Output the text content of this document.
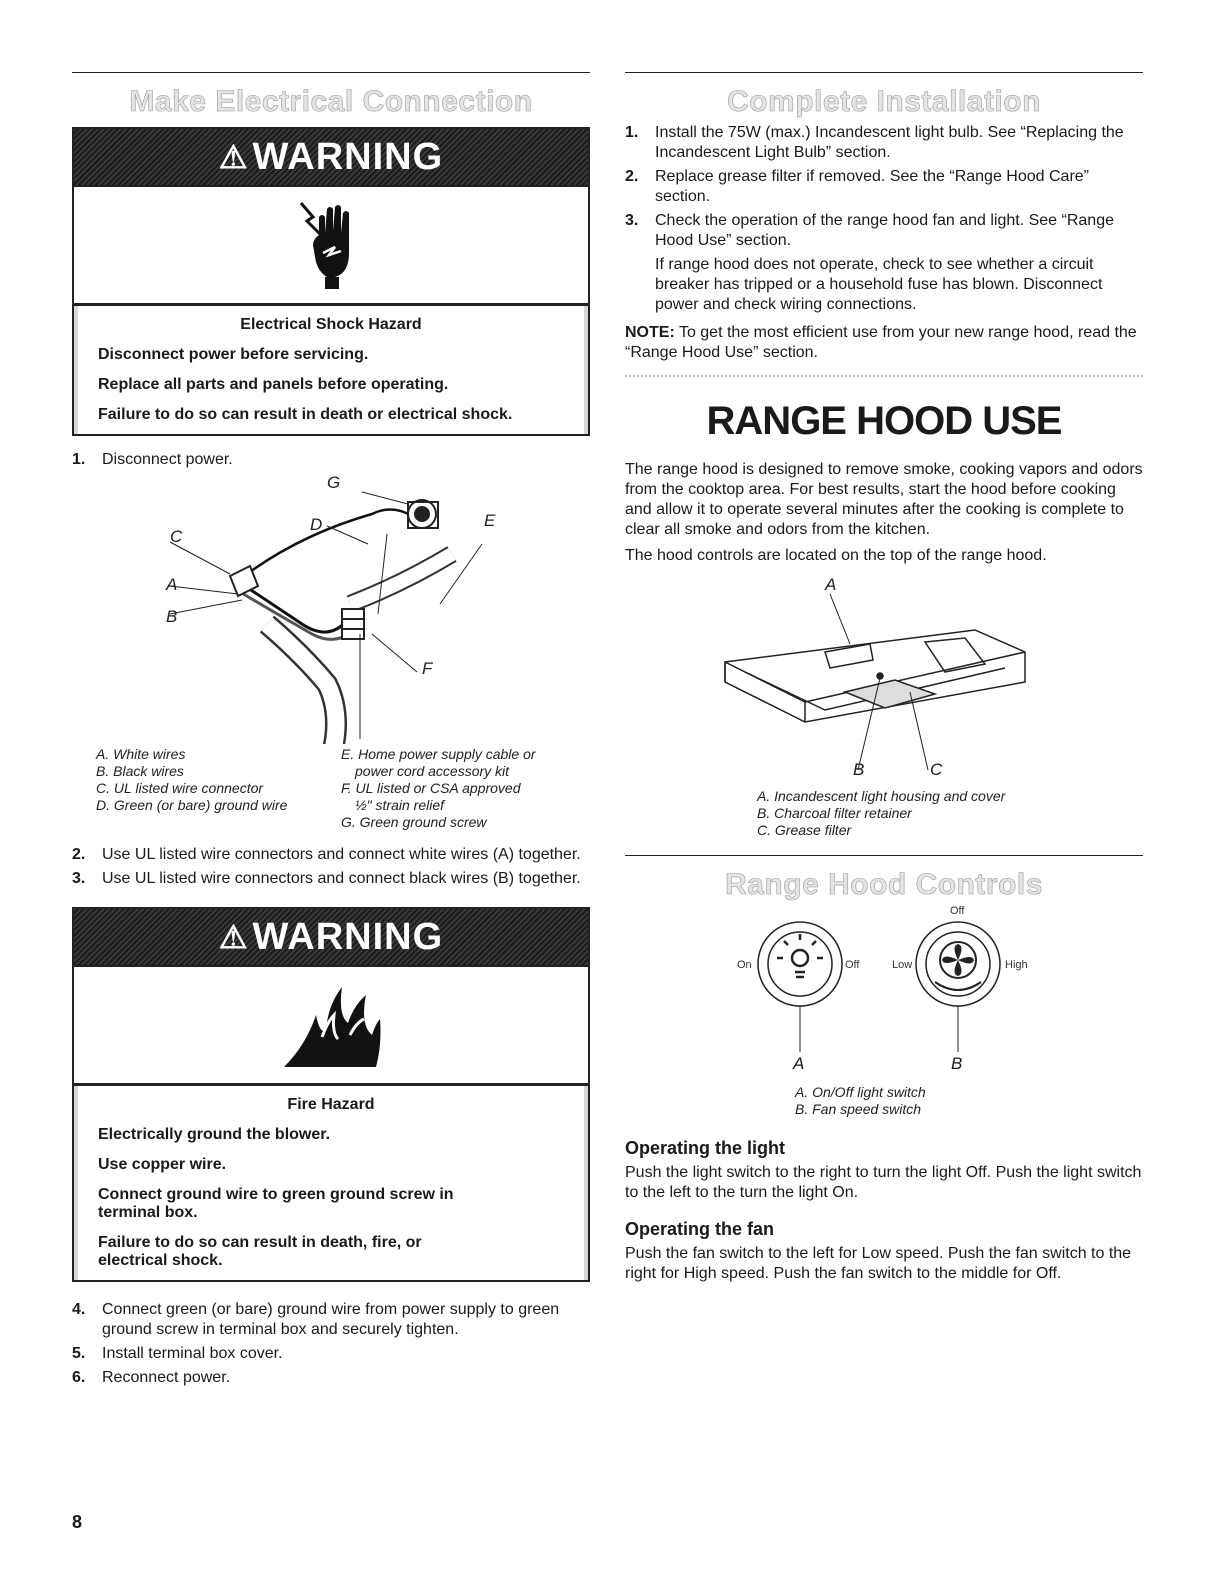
Make Electrical Connection
⚠ WARNING
Electrical Shock Hazard

Disconnect power before servicing.

Replace all parts and panels before operating.

Failure to do so can result in death or electrical shock.

1.	Disconnect power.
G
C
D	E
A
B
F
A. White wires
B. Black wires
C. UL listed wire connector
D. Green (or bare) ground wire
E. Home power supply cable or
power cord accessory kit
F. UL listed or CSA approved
½" strain relief
G. Green ground screw
2.	Use UL listed wire connectors and connect white wires (A) together.
3.	Use UL listed wire connectors and connect black wires (B) together.
⚠ WARNING
Fire Hazard

Electrically ground the blower.

Use copper wire.

Connect ground wire to green ground screw in terminal box.

Failure to do so can result in death, fire, or electrical shock.

4.	Connect green (or bare) ground wire from power supply to green ground screw in terminal box and securely tighten.
5.	Install terminal box cover.
6.	Reconnect power.
Complete Installation
1.	Install the 75W (max.) Incandescent light bulb. See “Replacing the Incandescent Light Bulb” section.
2.	Replace grease filter if removed. See the “Range Hood Care” section.
3.	Check the operation of the range hood fan and light. See “Range Hood Use” section.
If range hood does not operate, check to see whether a circuit breaker has tripped or a household fuse has blown. Disconnect power and check wiring connections.
NOTE: To get the most efficient use from your new range hood, read the “Range Hood Use” section.
RANGE HOOD USE

The range hood is designed to remove smoke, cooking vapors and odors from the cooktop area. For best results, start the hood before cooking and allow it to operate several minutes after the cooking is complete to clear all smoke and odors from the kitchen.

The hood controls are located on the top of the range hood.

A
B	C
A. Incandescent light housing and cover
B. Charcoal filter retainer
C. Grease filter
Range Hood Controls
On	Off	Low	High
Off
A	B
A. On/Off light switch
B. Fan speed switch
Operating the light

Push the light switch to the right to turn the light Off. Push the light switch to the left to the turn the light On.

Operating the fan

Push the fan switch to the left for Low speed. Push the fan switch to the right for High speed. Push the fan switch to the middle for Off.

8
